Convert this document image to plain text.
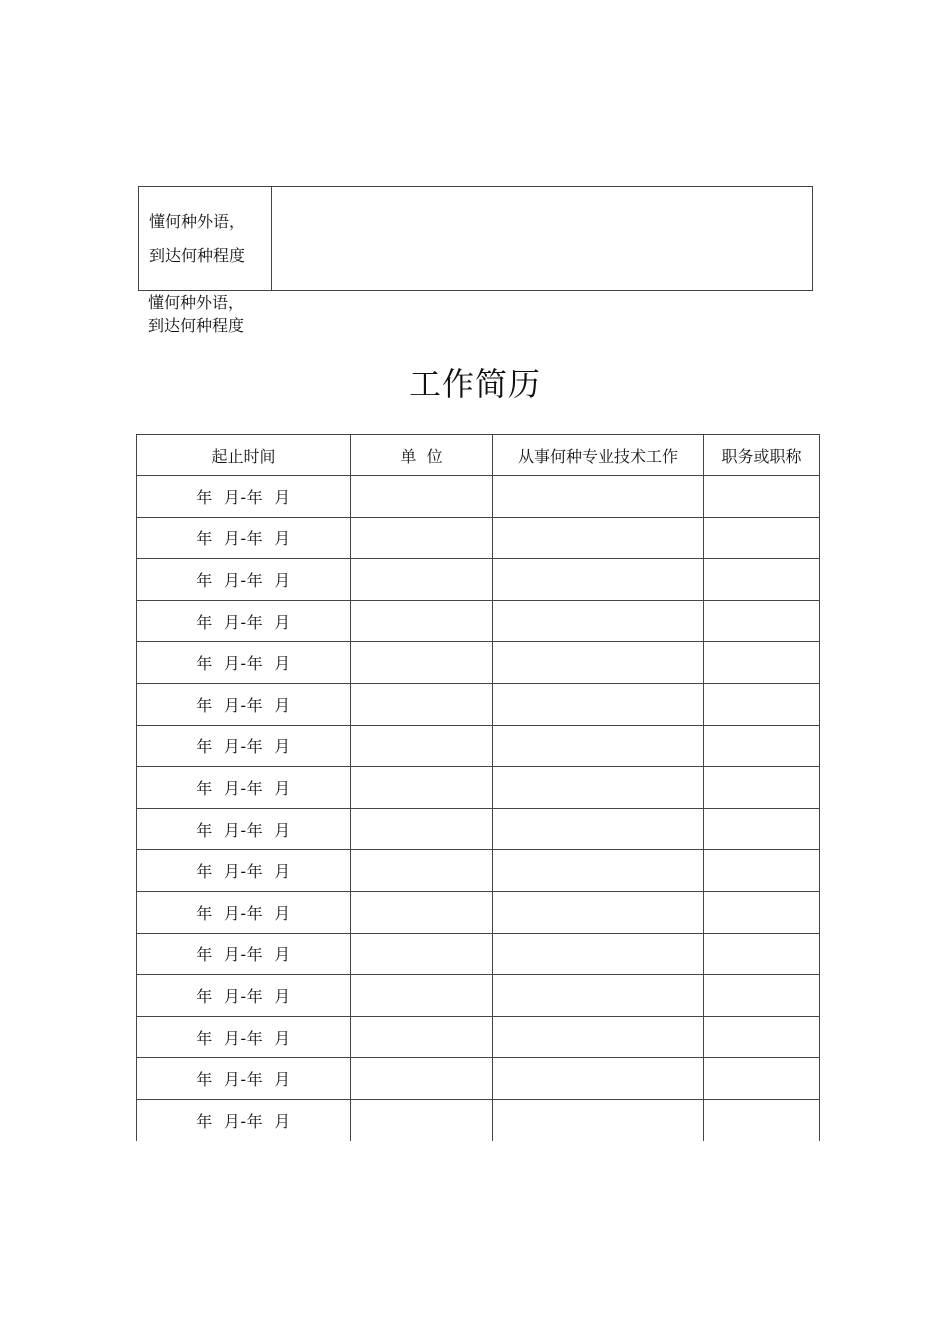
懂何种外语，
到达何种程度

懂何种外语，
到达何种程度
工作简历
起止时间	单  位	从事何种专业技术工作	职务或职称
年  月-年  月			
年  月-年  月			
年  月-年  月			
年  月-年  月			
年  月-年  月			
年  月-年  月			
年  月-年  月			
年  月-年  月			
年  月-年  月			
年  月-年  月			
年  月-年  月			
年  月-年  月			
年  月-年  月			
年  月-年  月			
年  月-年  月			
年  月-年  月			
